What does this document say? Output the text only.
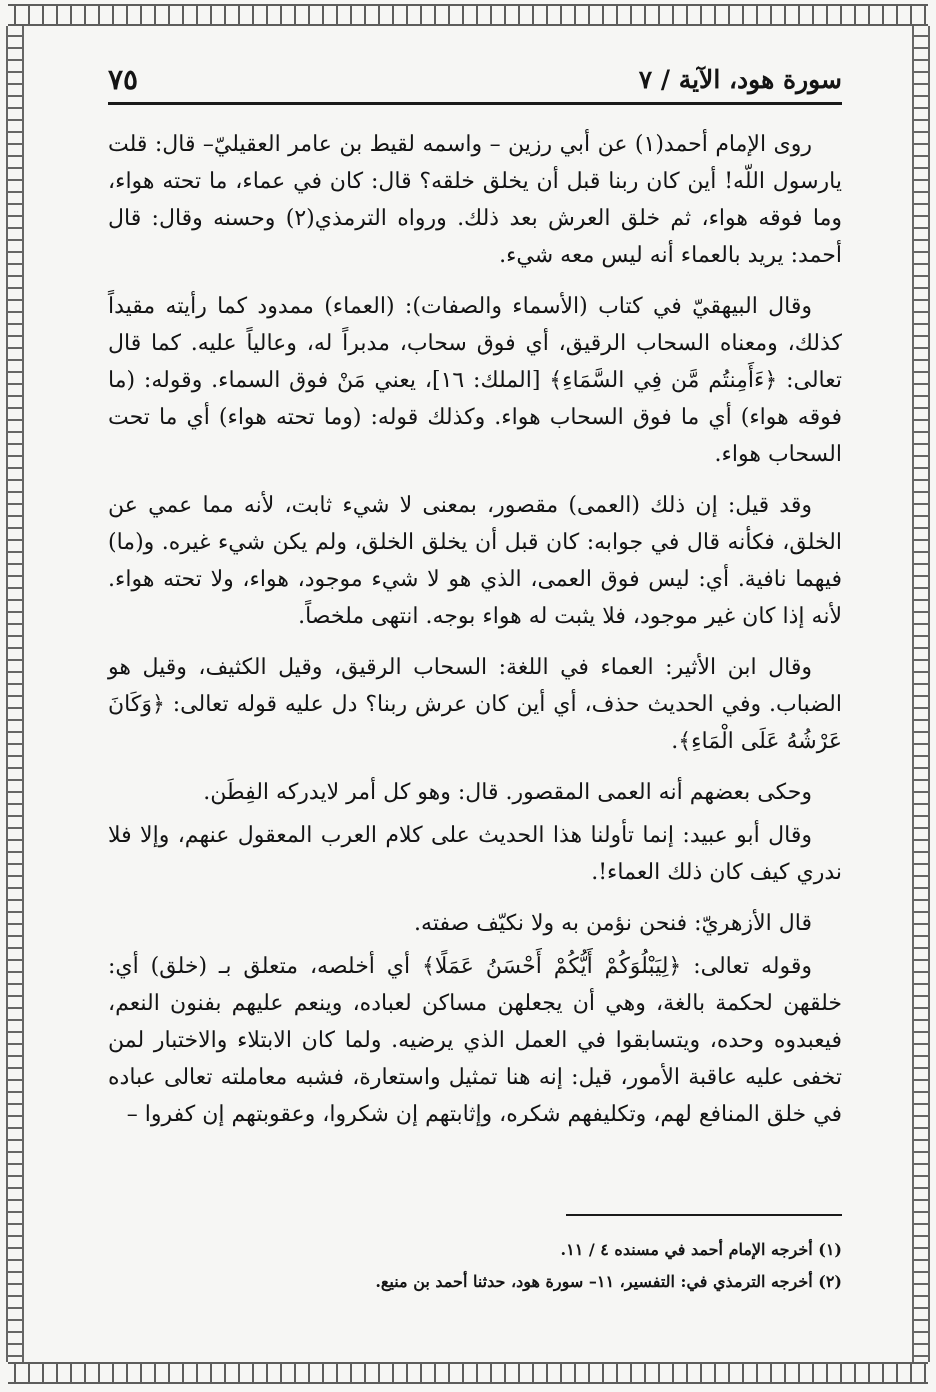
سورة هود، الآية / ٧
٧٥

روى الإمام أحمد(١) عن أبي رزين – واسمه لقيط بن عامر العقيليّ– قال: قلت يارسول اللّه! أين كان ربنا قبل أن يخلق خلقه؟ قال: كان في عماء، ما تحته هواء، وما فوقه هواء، ثم خلق العرش بعد ذلك. ورواه الترمذي(٢) وحسنه وقال: قال أحمد: يريد بالعماء أنه ليس معه شيء.

وقال البيهقيّ في كتاب (الأسماء والصفات): (العماء) ممدود كما رأيته مقيداً كذلك، ومعناه السحاب الرقيق، أي فوق سحاب، مدبراً له، وعالياً عليه. كما قال تعالى: ﴿ءَأَمِنتُم مَّن فِي السَّمَاءِ﴾ [الملك: ١٦]، يعني مَنْ فوق السماء. وقوله: (ما فوقه هواء) أي ما فوق السحاب هواء. وكذلك قوله: (وما تحته هواء) أي ما تحت السحاب هواء.

وقد قيل: إن ذلك (العمى) مقصور، بمعنى لا شيء ثابت، لأنه مما عمي عن الخلق، فكأنه قال في جوابه: كان قبل أن يخلق الخلق، ولم يكن شيء غيره. و(ما) فيهما نافية. أي: ليس فوق العمى، الذي هو لا شيء موجود، هواء، ولا تحته هواء. لأنه إذا كان غير موجود، فلا يثبت له هواء بوجه. انتهى ملخصاً.

وقال ابن الأثير: العماء في اللغة: السحاب الرقيق، وقيل الكثيف، وقيل هو الضباب. وفي الحديث حذف، أي أين كان عرش ربنا؟ دل عليه قوله تعالى: ﴿وَكَانَ عَرْشُهُ عَلَى الْمَاءِ﴾.

وحكى بعضهم أنه العمى المقصور. قال: وهو كل أمر لايدركه الفِطَن.

وقال أبو عبيد: إنما تأولنا هذا الحديث على كلام العرب المعقول عنهم، وإلا فلا ندري كيف كان ذلك العماء!.

قال الأزهريّ: فنحن نؤمن به ولا نكيّف صفته.

وقوله تعالى: ﴿لِيَبْلُوَكُمْ أَيُّكُمْ أَحْسَنُ عَمَلًا﴾ أي أخلصه، متعلق بـ (خلق) أي: خلقهن لحكمة بالغة، وهي أن يجعلهن مساكن لعباده، وينعم عليهم بفنون النعم، فيعبدوه وحده، ويتسابقوا في العمل الذي يرضيه. ولما كان الابتلاء والاختبار لمن تخفى عليه عاقبة الأمور، قيل: إنه هنا تمثيل واستعارة، فشبه معاملته تعالى عباده في خلق المنافع لهم، وتكليفهم شكره، وإثابتهم إن شكروا، وعقوبتهم إن كفروا –

(١) أخرجه الإمام أحمد في مسنده ٤ / ١١.
(٢) أخرجه الترمذي في: التفسير، ١١– سورة هود، حدثنا أحمد بن منيع.
